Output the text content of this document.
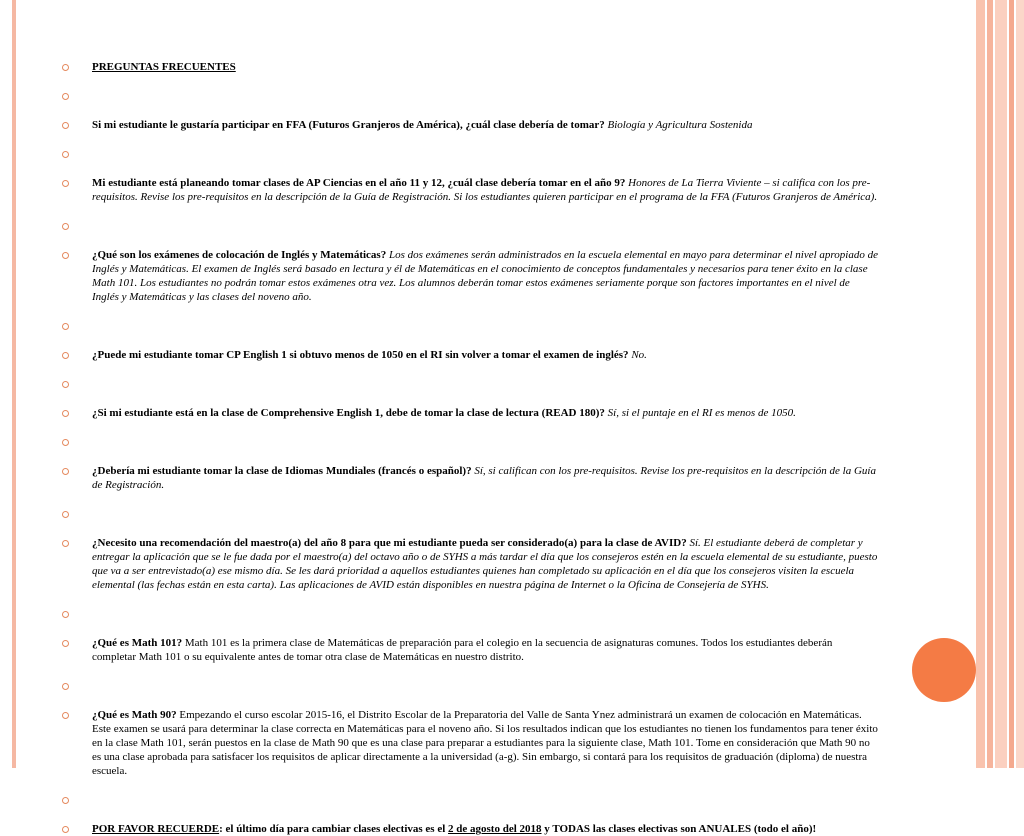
PREGUNTAS FRECUENTES
Si mi estudiante le gustaría participar en FFA (Futuros Granjeros de América), ¿cuál clase debería de tomar? Biología y Agricultura Sostenida
Mi estudiante está planeando tomar clases de AP Ciencias en el año 11 y 12, ¿cuál clase debería tomar en el año 9? Honores de La Tierra Viviente – si califica con los pre-requisitos. Revise los pre-requisitos en la descripción de la Guía de Registración. Si los estudiantes quieren participar en el programa de la FFA (Futuros Granjeros de América).
¿Qué son los exámenes de colocación de Inglés y Matemáticas? Los dos exámenes serán administrados en la escuela elemental en mayo para determinar el nivel apropiado de Inglés y Matemáticas. El examen de Inglés será basado en lectura y él de Matemáticas en el conocimiento de conceptos fundamentales y necesarios para tener éxito en la clase Math 101. Los estudiantes no podrán tomar estos exámenes otra vez. Los alumnos deberán tomar estos exámenes seriamente porque son factores importantes en el nivel de Inglés y Matemáticas y las clases del noveno año.
¿Puede mi estudiante tomar CP English 1 si obtuvo menos de 1050 en el RI sin volver a tomar el examen de inglés? No.
¿Si mi estudiante está en la clase de Comprehensive English 1, debe de tomar la clase de lectura (READ 180)? Sí, si el puntaje en el RI es menos de 1050.
¿Debería mi estudiante tomar la clase de Idiomas Mundiales (francés o español)? Sí, si califican con los pre-requisitos. Revise los pre-requisitos en la descripción de la Guía de Registración.
¿Necesito una recomendación del maestro(a) del año 8 para que mi estudiante pueda ser considerado(a) para la clase de AVID? Sí. El estudiante deberá de completar y entregar la aplicación que se le fue dada por el maestro(a) del octavo año o de SYHS a más tardar el día que los consejeros estén en la escuela elemental de su estudiante, puesto que va a ser entrevistado(a) ese mismo día. Se les dará prioridad a aquellos estudiantes quienes han completado su aplicación en el día que los consejeros visiten la escuela elemental (las fechas están en esta carta). Las aplicaciones de AVID están disponibles en nuestra página de Internet o la Oficina de Consejería de SYHS.
¿Qué es Math 101? Math 101 es la primera clase de Matemáticas de preparación para el colegio en la secuencia de asignaturas comunes. Todos los estudiantes deberán completar Math 101 o su equivalente antes de tomar otra clase de Matemáticas en nuestro distrito.
¿Qué es Math 90? Empezando el curso escolar 2015-16, el Distrito Escolar de la Preparatoria del Valle de Santa Ynez administrará un examen de colocación en Matemáticas. Este examen se usará para determinar la clase correcta en Matemáticas para el noveno año. Si los resultados indican que los estudiantes no tienen los fundamentos para tener éxito en la clase Math 101, serán puestos en la clase de Math 90 que es una clase para preparar a estudiantes para la siguiente clase, Math 101. Tome en consideración que Math 90 no es una clase aprobada para satisfacer los requisitos de aplicar directamente a la universidad (a-g). Sin embargo, si contará para los requisitos de graduación (diploma) de nuestra escuela.
POR FAVOR RECUERDE: el último día para cambiar clases electivas es el 2 de agosto del 2018 y TODAS las clases electivas son ANUALES (todo el año)!
